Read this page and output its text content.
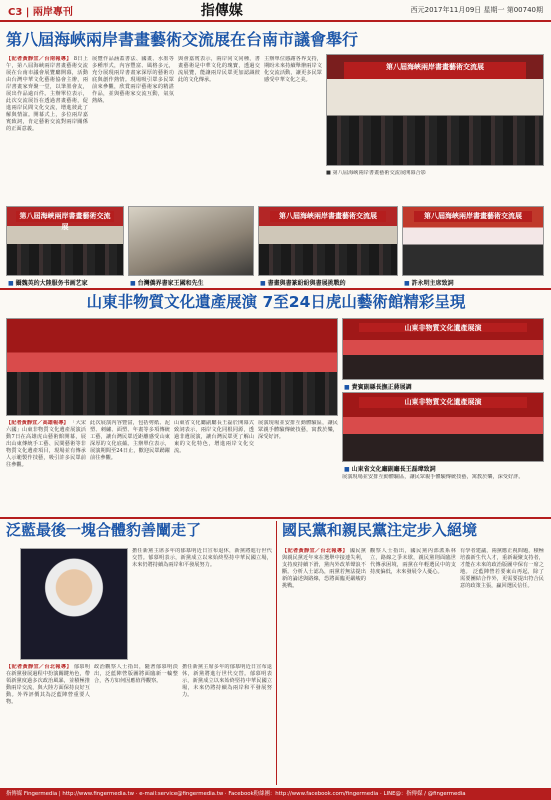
C3 | 兩岸專刊	指傳媒	西元2017年11月09日 星期一 第00740期
第八屆海峽兩岸書畫藝術交流展在台南市議會舉行
【記者黃靜宜／台南報導】 8日上午，第八屆海峽兩岸書畫藝術交流展在台南市議會展覽廳開幕，活動由台灣中華文化藝術協會主辦，兩岸書畫家齊聚一堂，以筆墨會友，展出作品逾百件。主辦單位表示，此次交流展旨在透過書畫藝術，促進兩岸民間文化交流，增進彼此了解與情誼。開幕式上，多位兩岸嘉賓致詞，肯定藝術交流對兩岸關係的正面意義。
展覽作品涵蓋書法、國畫、水墨等多種形式，內容豐富、風格多元，充分展現兩岸書畫家深厚的藝術功底與創作熱情。現場吸引眾多民眾前來參觀，欣賞兩岸藝術家的精湛作品，並與藝術家交流互動，氣氛熱絡。
與會嘉賓表示，兩岸同文同種，書畫藝術是中華文化的瑰寶，透過交流展覽，能讓兩岸民眾更加認識彼此的文化傳承。
主辦單位感謝各界支持，期盼未來持續舉辦兩岸文化交流活動，讓更多民眾感受中華文化之美。
第八屆海峽兩岸書畫藝術交流展
■ 第八屆海峽兩岸書畫藝術交流展開幕合影
第八屆海峽兩岸書畫藝術交流展
第八屆海峽兩岸書畫藝術交流展	第八屆海峽兩岸書畫藝術交流展
■ 攝魏英的大陸服务书画艺家	■ 台灣僑界書家王國和先生	■ 書畫與書篆紛紛與書展挑戰的	■ 許永明主席致詞
山東非物質文化遺產展演 7至24日虎山藝術館精彩呈現
山東非物質文化遺產展演
■ 貴賓副縣長撫正蔣展調
山東非物質文化遺產展演
■ 山東省文化廳副廳長王磊瑋致詞
【記者黃靜宜／高雄報導】 「大宋六國」山東非物質文化遺產展演活動7日在高雄虎山藝術館開幕，展出山東傳統手工藝、民間藝術等非物質文化遺產項目，現場並有傳承人示範製作技藝，吸引許多民眾前往參觀。
此次展演內容豐富，包括剪紙、泥塑、刺繡、面塑、年畫等多項傳統工藝，讓台灣民眾近距離感受山東深厚的文化底蘊。主辦單位表示，展演期間至24日止，歡迎民眾踴躍前往參觀。
山東省文化廳副廳長王磊於開幕式致詞表示，兩岸文化同根同源，透過非遺展演，讓台灣民眾更了解山東的文化特色，增進兩岸文化交流。
展演現場並安排互動體驗區，讓民眾親手體驗傳統技藝，寓教於樂，深受好評。
展演現場並安排互動體驗區，讓民眾親手體驗傳統技藝，寓教於樂，深受好評。
泛藍最後一塊合體豹善闡走了
擔任新黨主席多年的郁慕明近日宣布退休，新黨將進行世代交替。郁慕明表示，新黨成立以來始終堅持中華民國立場，未來仍將持續為兩岸和平發展努力。
【記者黃靜宜／台北報導】 郁慕明在新黨發展過程中扮演關鍵角色，帶領新黨度過多次政治風暴，並積極推動兩岸交流，與大陸方面保持良好互動。外界評價其為泛藍陣營重要人物。
政治觀察人士指出，隨著郁慕明淡出，泛藍陣營版圖將面臨新一輪整合，各方如何因應值得觀察。
擔任新黨主席多年的郁慕明近日宣布退休，新黨將進行世代交替。郁慕明表示，新黨成立以來始終堅持中華民國立場，未來仍將持續為兩岸和平發展努力。
國民黨和親民黨注定步入絕境
【記者黃靜宜／台北報導】 國民黨與親民黨近年來在選舉中接連失利，支持度持續下滑，黨內外改革聲浪不斷。分析人士認為，兩黨若無法提出新的論述與路線，恐將面臨更嚴峻的挑戰。
觀察人士指出，國民黨內部派系林立，路線之爭未歇，親民黨則面臨世代傳承困境，兩黨在年輕選民中的支持度偏低，未來發展令人憂心。
有學者建議，兩黨應正視問題，積極培養新生代人才，重新凝聚支持者，才能在未來的政治版圖中保有一席之地。 泛藍陣營若要東山再起，除了需要團結合作外，更需要提出符合民意的政策主張，贏回選民信任。
指傳媒 Fingermedia | http://www.fingermedia.tw · e-mail:service@fingermedia.tw · Facebook粉絲團：http://www.facebook.com/fingermedia · LINE@：指傳媒 / @fingermedia
